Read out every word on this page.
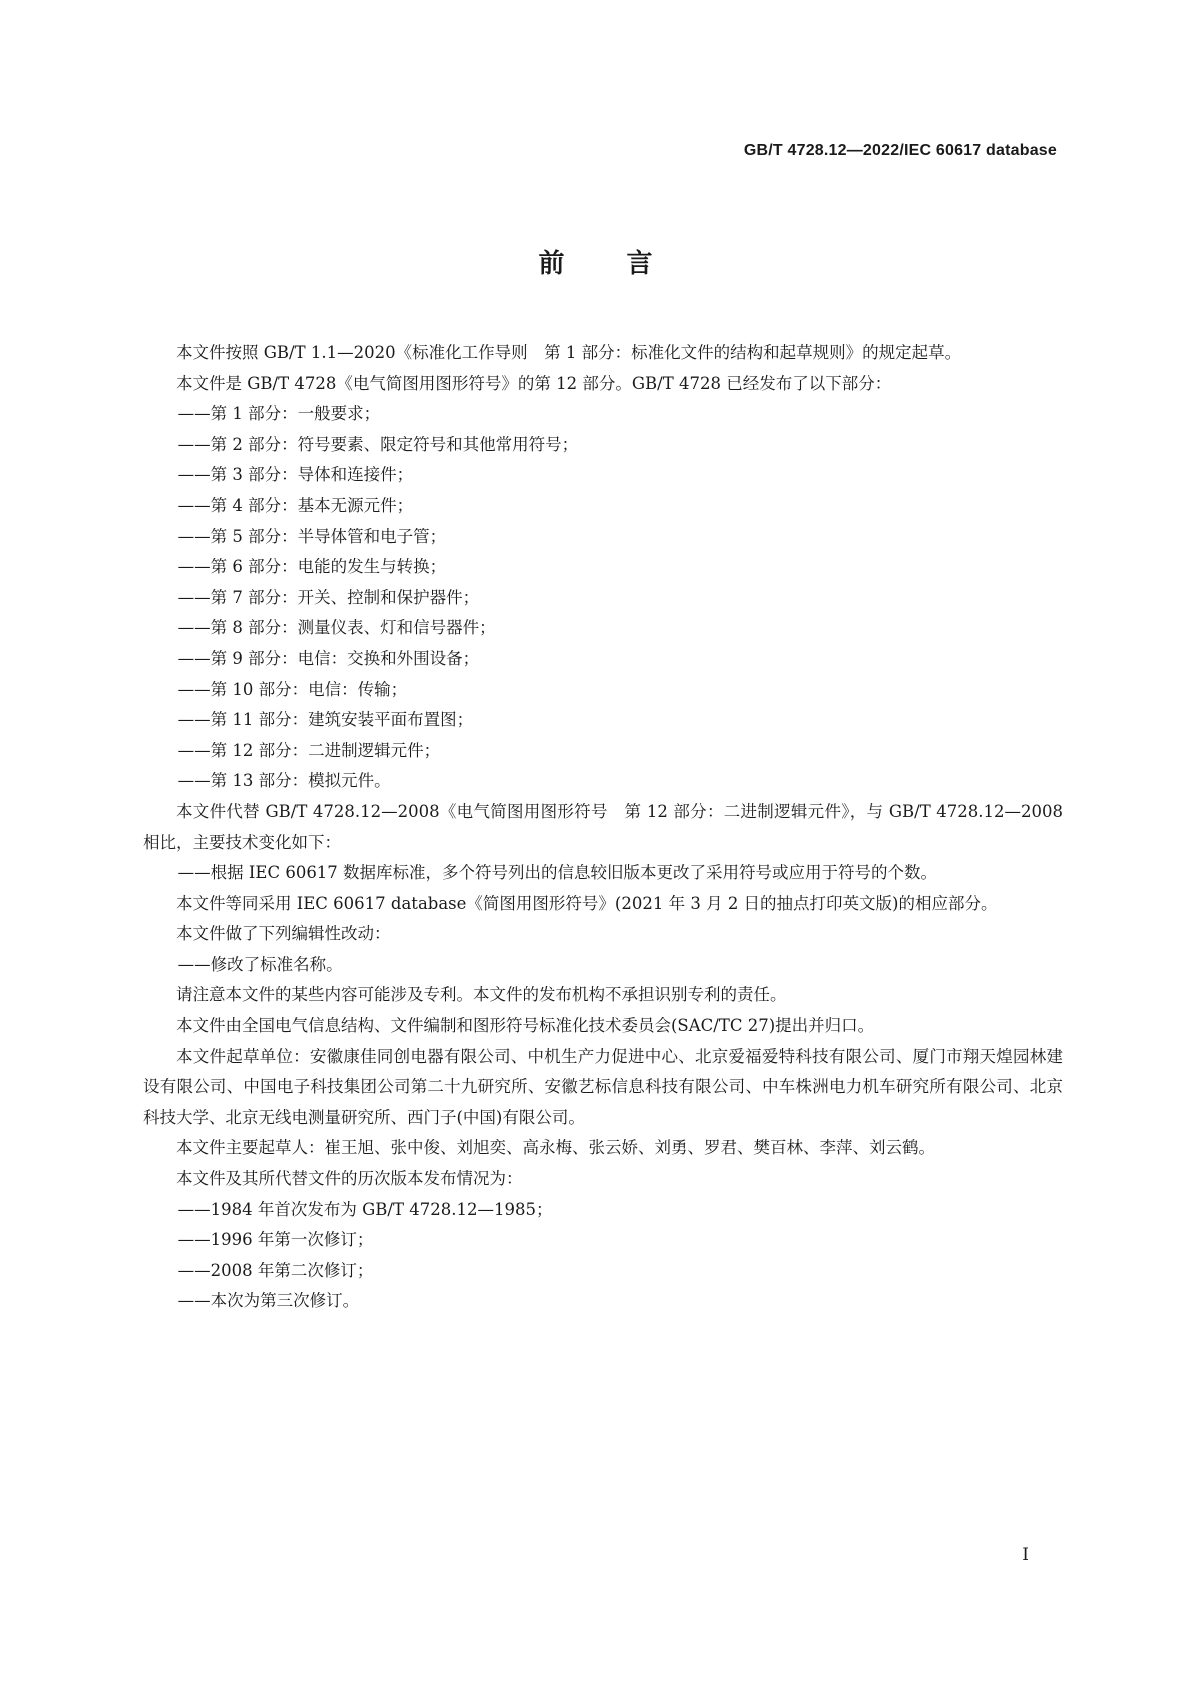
GB/T 4728.12—2022/IEC 60617 database
前言

本文件按照 GB/T 1.1—2020《标准化工作导则　第 1 部分：标准化文件的结构和起草规则》的规定起草。

本文件是 GB/T 4728《电气简图用图形符号》的第 12 部分。GB/T 4728 已经发布了以下部分：

——第 1 部分：一般要求；

——第 2 部分：符号要素、限定符号和其他常用符号；

——第 3 部分：导体和连接件；

——第 4 部分：基本无源元件；

——第 5 部分：半导体管和电子管；

——第 6 部分：电能的发生与转换；

——第 7 部分：开关、控制和保护器件；

——第 8 部分：测量仪表、灯和信号器件；

——第 9 部分：电信：交换和外围设备；

——第 10 部分：电信：传输；

——第 11 部分：建筑安装平面布置图；

——第 12 部分：二进制逻辑元件；

——第 13 部分：模拟元件。

本文件代替 GB/T 4728.12—2008《电气简图用图形符号　第 12 部分：二进制逻辑元件》，与 GB/T 4728.12—2008 相比，主要技术变化如下：

——根据 IEC 60617 数据库标准，多个符号列出的信息较旧版本更改了采用符号或应用于符号的个数。

本文件等同采用 IEC 60617 database《简图用图形符号》(2021 年 3 月 2 日的抽点打印英文版)的相应部分。

本文件做了下列编辑性改动：

——修改了标准名称。

请注意本文件的某些内容可能涉及专利。本文件的发布机构不承担识别专利的责任。

本文件由全国电气信息结构、文件编制和图形符号标准化技术委员会(SAC/TC 27)提出并归口。

本文件起草单位：安徽康佳同创电器有限公司、中机生产力促进中心、北京爱福爱特科技有限公司、厦门市翔天煌园林建设有限公司、中国电子科技集团公司第二十九研究所、安徽艺标信息科技有限公司、中车株洲电力机车研究所有限公司、北京科技大学、北京无线电测量研究所、西门子(中国)有限公司。

本文件主要起草人：崔王旭、张中俊、刘旭奕、高永梅、张云娇、刘勇、罗君、樊百林、李萍、刘云鹤。

本文件及其所代替文件的历次版本发布情况为：

——1984 年首次发布为 GB/T 4728.12—1985；

——1996 年第一次修订；

——2008 年第二次修订；

——本次为第三次修订。

I
